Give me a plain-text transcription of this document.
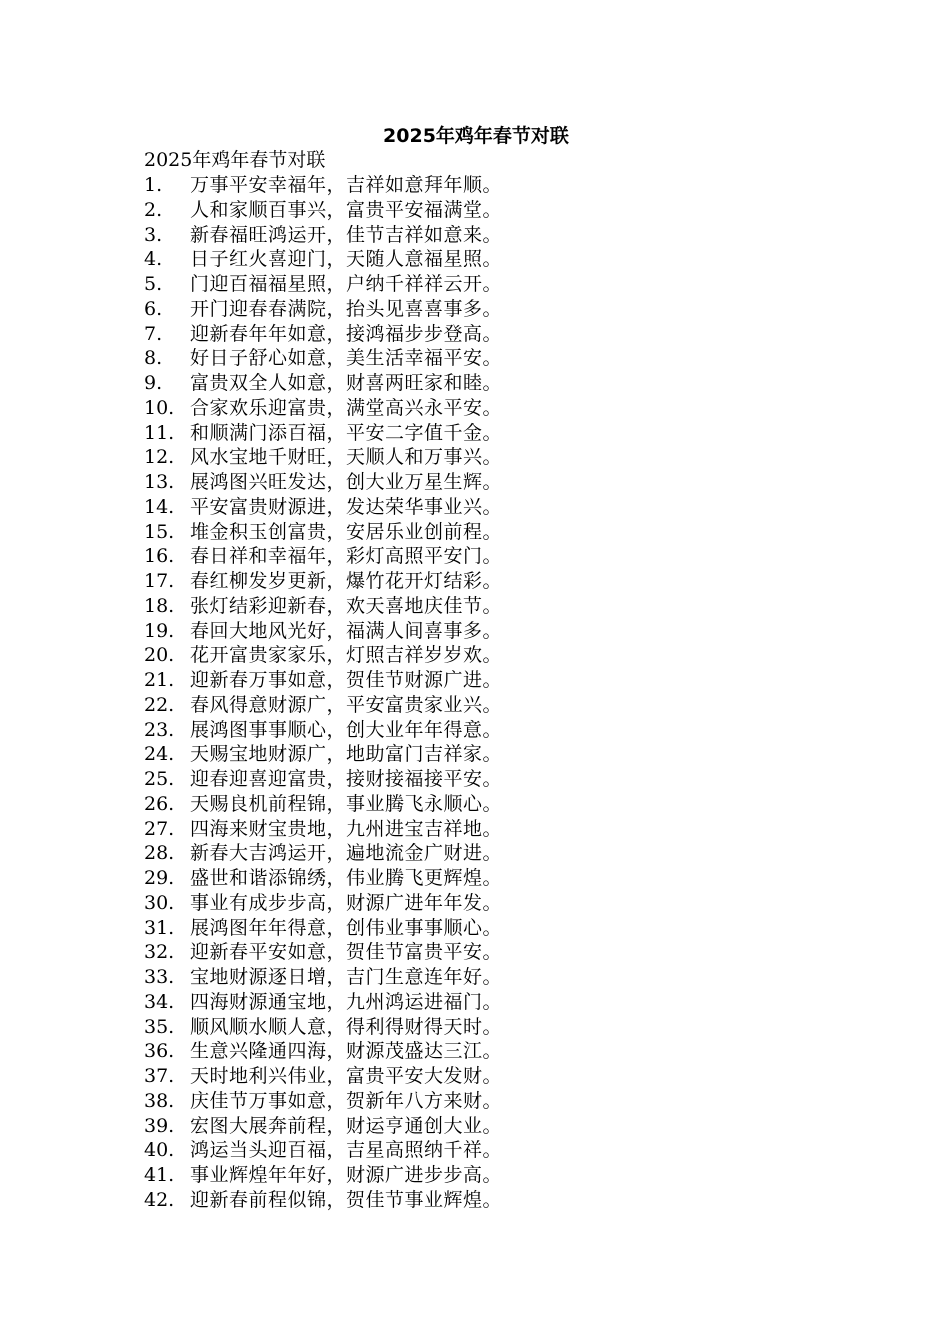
2025年鸡年春节对联
2025年鸡年春节对联
1.	万事平安幸福年，吉祥如意拜年顺。
2.	人和家顺百事兴，富贵平安福满堂。
3.	新春福旺鸿运开，佳节吉祥如意来。
4.	日子红火喜迎门，天随人意福星照。
5.	门迎百福福星照，户纳千祥祥云开。
6.	开门迎春春满院，抬头见喜喜事多。
7.	迎新春年年如意，接鸿福步步登高。
8.	好日子舒心如意，美生活幸福平安。
9.	富贵双全人如意，财喜两旺家和睦。
10. 合家欢乐迎富贵，满堂高兴永平安。
11. 和顺满门添百福，平安二字值千金。
12. 风水宝地千财旺，天顺人和万事兴。
13. 展鸿图兴旺发达，创大业万星生辉。
14. 平安富贵财源进，发达荣华事业兴。
15. 堆金积玉创富贵，安居乐业创前程。
16. 春日祥和幸福年，彩灯高照平安门。
17. 春红柳发岁更新，爆竹花开灯结彩。
18. 张灯结彩迎新春，欢天喜地庆佳节。
19. 春回大地风光好，福满人间喜事多。
20. 花开富贵家家乐，灯照吉祥岁岁欢。
21. 迎新春万事如意，贺佳节财源广进。
22. 春风得意财源广，平安富贵家业兴。
23. 展鸿图事事顺心，创大业年年得意。
24. 天赐宝地财源广，地助富门吉祥家。
25. 迎春迎喜迎富贵，接财接福接平安。
26. 天赐良机前程锦，事业腾飞永顺心。
27. 四海来财宝贵地，九州进宝吉祥地。
28. 新春大吉鸿运开，遍地流金广财进。
29. 盛世和谐添锦绣，伟业腾飞更辉煌。
30. 事业有成步步高，财源广进年年发。
31. 展鸿图年年得意，创伟业事事顺心。
32. 迎新春平安如意，贺佳节富贵平安。
33. 宝地财源逐日增，吉门生意连年好。
34. 四海财源通宝地，九州鸿运进福门。
35. 顺风顺水顺人意，得利得财得天时。
36. 生意兴隆通四海，财源茂盛达三江。
37. 天时地利兴伟业，富贵平安大发财。
38. 庆佳节万事如意，贺新年八方来财。
39. 宏图大展奔前程，财运亨通创大业。
40. 鸿运当头迎百福，吉星高照纳千祥。
41. 事业辉煌年年好，财源广进步步高。
42. 迎新春前程似锦，贺佳节事业辉煌。
